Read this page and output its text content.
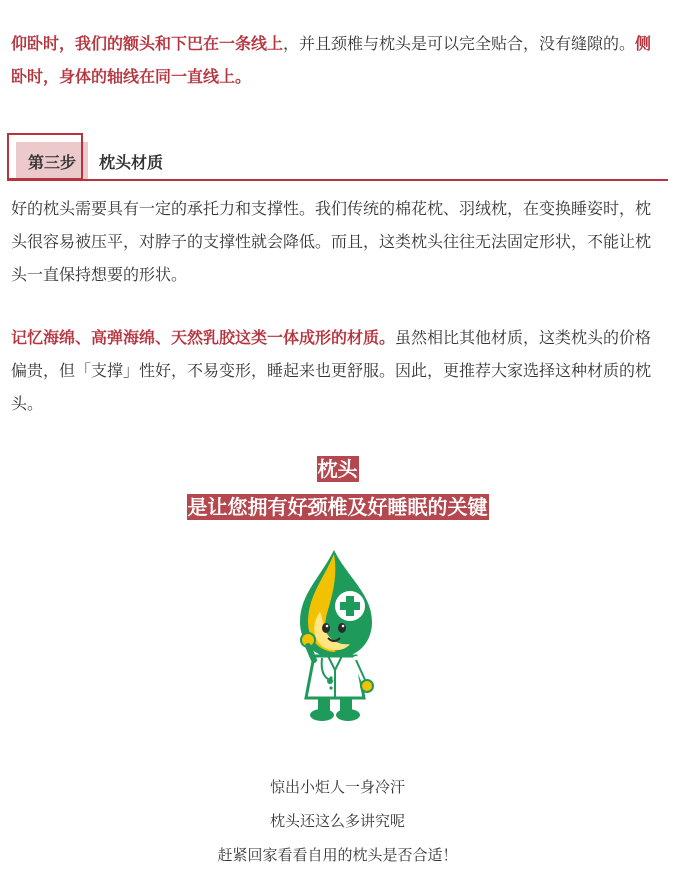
仰卧时，我们的额头和下巴在一条线上，并且颈椎与枕头是可以完全贴合，没有缝隙的。侧卧时，身体的轴线在同一直线上。

第三步	枕头材质

好的枕头需要具有一定的承托力和支撑性。我们传统的棉花枕、羽绒枕，在变换睡姿时，枕头很容易被压平，对脖子的支撑性就会降低。而且，这类枕头往往无法固定形状，不能让枕头一直保持想要的形状。

记忆海绵、高弹海绵、天然乳胶这类一体成形的材质。虽然相比其他材质，这类枕头的价格偏贵，但「支撑」性好，不易变形，睡起来也更舒服。因此，更推荐大家选择这种材质的枕头。

枕头
是让您拥有好颈椎及好睡眠的关键
惊出小炬人一身冷汗
枕头还这么多讲究呢
赶紧回家看看自用的枕头是否合适！
